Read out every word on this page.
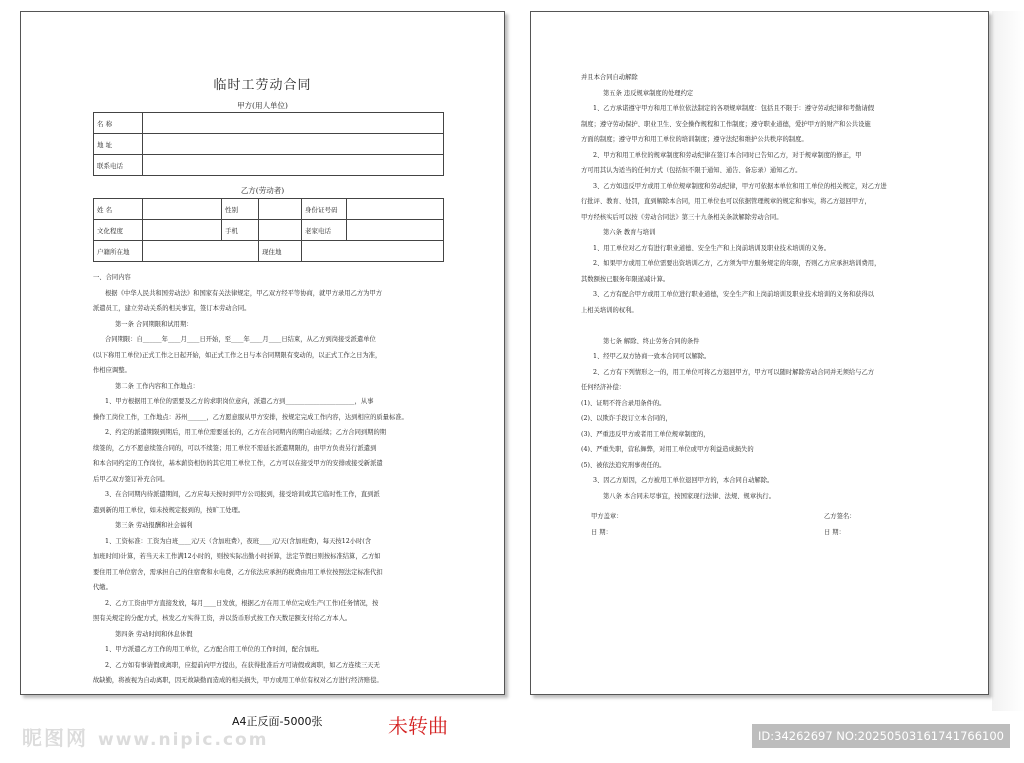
临时工劳动合同
甲方(用人单位)
名 称	
地 址	
联系电话	
乙方(劳动者)
姓 名		性别		身份证号码	
文化程度		手机		老家电话	
户籍所在地			现住地		

一、合同内容

根据《中华人民共和国劳动法》和国家有关法律规定，甲乙双方经平等协商，就甲方录用乙方为甲方

派遣员工，建立劳动关系的相关事宜，签订本劳动合同。

第一条 合同期限和试用期：

合同期限：自______年____月____日开始，至____年____月____日结束，从乙方到岗接受派遣单位

(以下称用工单位)正式工作之日起开始，如正式工作之日与本合同期限有变动的，以正式工作之日为准，

作相应调整。

第二条 工作内容和工作地点：

1、甲方根据用工单位的需要及乙方的求职岗位意向，派遣乙方到______________________，从事

操作工岗位工作，工作地点：苏州______，乙方愿意服从甲方安排，按规定完成工作内容，达到相应的质量标准。

2、约定的派遣期限到期后，用工单位需要延长的，乙方在合同期内的期自动延续；乙方合同到期的期

续签的，乙方不愿意续签合同的，可以不续签；用工单位不需延长派遣期限的，由甲方负责另行派遣到

和本合同约定的工作岗位，基本薪资相仿的其它用工单位工作，乙方可以在接受甲方的安排或接受新派遣

后甲乙双方签订补充合同。

3、在合同期内待派遣期间，乙方应每天按时到甲方公司报到，接受培训或其它临时性工作，直到派

遣到新的用工单位，如未按规定报到的，按旷工处理。

第三条 劳动报酬和社会福利

1、工资标准：工资为白班____元/天（含加班费），夜班____元/天(含加班费)，每天按12小时(含

加班时间)计算，若当天未工作满12小时的，则按实际出勤小时折算，法定节假日则按标准结算，乙方如

要住用工单位宿舍，需承担自己的住宿费和水电费，乙方依法应承担的税费由用工单位按照法定标准代扣

代缴。

2、乙方工资由甲方直接发放，每月____日发放，根据乙方在用工单位完成生产(工作)任务情况，按

照有关规定的分配方式，核发乙方实得工资，并以货币形式按工作天数足额支付给乙方本人。

第四条 劳动时间和休息休假

1、甲方派遣乙方工作的用工单位，乙方配合用工单位的工作时间，配合加班。

2、乙方如有事请假或离职，应提前向甲方提出，在获得批准后方可请假或离职，如乙方连续三天无

故缺勤，将被视为自动离职，因无故缺勤而造成的相关损失，甲方或用工单位有权对乙方进行经济赔偿。

并且本合同自动解除

第五条 违反规章制度的处理约定

1、乙方承诺遵守甲方和用工单位依法制定的各项规章制度：包括且不限于：遵守劳动纪律和考勤请假

制度；遵守劳动保护、职业卫生、安全操作规程和工作制度；遵守职业道德，爱护甲方的财产和公共设施

方面的制度；遵守甲方和用工单位的培训制度；遵守法纪和维护公共秩序的制度。

2、甲方和用工单位的规章制度和劳动纪律在签订本合同时已告知乙方，对于规章制度的修正，甲

方可用其认为适当的任何方式（包括但不限于通知、通告、备忘录）通知乙方。

3、乙方如违反甲方或用工单位规章制度和劳动纪律，甲方可依据本单位和用工单位的相关规定，对乙方进

行批评、教育、处罚，直到解除本合同，用工单位也可以依据管理规章的规定和事实，将乙方退回甲方，

甲方经核实后可以按《劳动合同法》第三十九条相关条款解除劳动合同。

第六条 教育与培训

1、用工单位对乙方有进行职业道德、安全生产和上岗前培训及职业技术培训的义务。

2、如果甲方或用工单位需要出资培训乙方，乙方须为甲方服务规定的年限，否则乙方应承担培训费用，

其数额按已服务年限递减计算。

3、乙方有配合甲方或用工单位进行职业道德，安全生产和上岗前培训及职业技术培训的义务和获得以

上相关培训的权利。

第七条 解除、终止劳务合同的条件

1、经甲乙双方协商一致本合同可以解除。

2、乙方有下列情形之一的，用工单位可将乙方退回甲方，甲方可以随时解除劳动合同并无须给与乙方

任何经济补偿：

(1)、证明不符合录用条件的。

(2)、以欺诈手段订立本合同的，

(3)、严重违反甲方或者用工单位规章制度的，

(4)、严重失职，营私舞弊，对用工单位或甲方利益造成损失的

(5)、被依法追究刑事责任的。

3、因乙方原因，乙方被用工单位退回甲方的，本合同自动解除。

第八条 本合同未尽事宜，按国家现行法律、法规、规章执行。

甲方盖章：

日 期：

乙方签名：

日 期：

A4正反面-5000张	未转曲
昵图网 www.nipic.com	ID:34262697 NO:20250503161741766100
